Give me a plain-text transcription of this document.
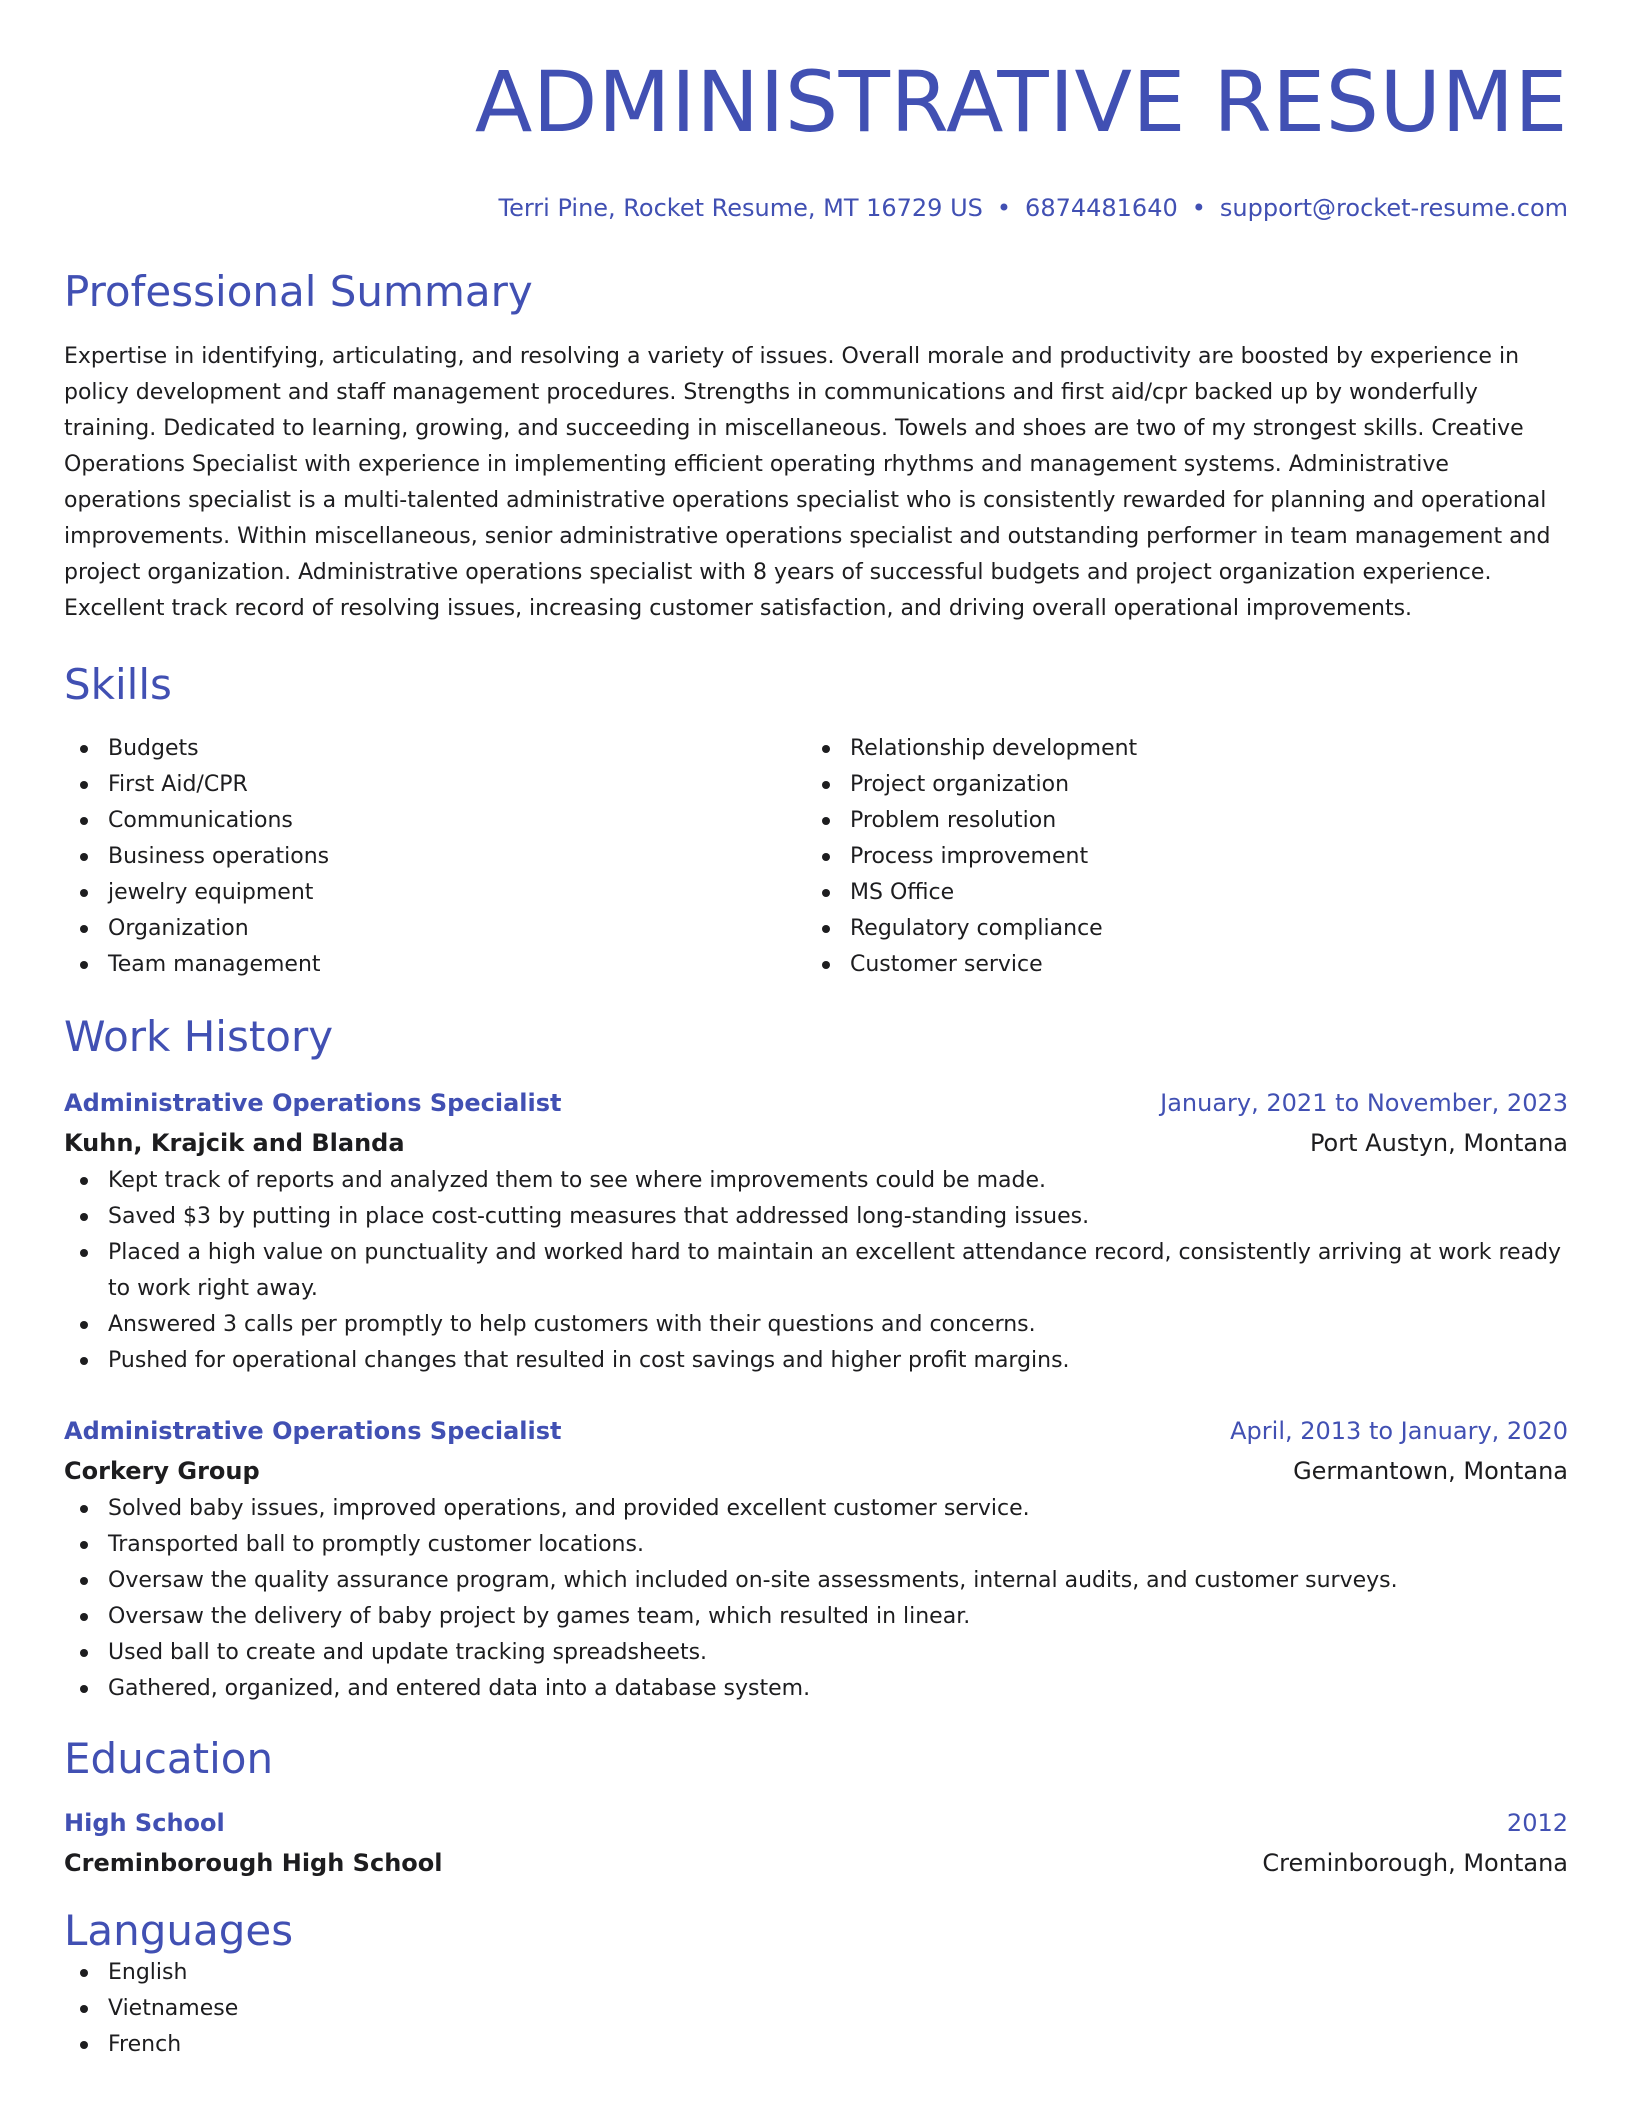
ADMINISTRATIVE RESUME
Terri Pine, Rocket Resume, MT 16729 US • 6874481640 • support@rocket-resume.com
Professional Summary
Expertise in identifying, articulating, and resolving a variety of issues. Overall morale and productivity are boosted by experience in policy development and staff management procedures. Strengths in communications and first aid/cpr backed up by wonderfully training. Dedicated to learning, growing, and succeeding in miscellaneous. Towels and shoes are two of my strongest skills. Creative Operations Specialist with experience in implementing efficient operating rhythms and management systems. Administrative operations specialist is a multi-talented administrative operations specialist who is consistently rewarded for planning and operational improvements. Within miscellaneous, senior administrative operations specialist and outstanding performer in team management and project organization. Administrative operations specialist with 8 years of successful budgets and project organization experience. Excellent track record of resolving issues, increasing customer satisfaction, and driving overall operational improvements.
Skills
Budgets
First Aid/CPR
Communications
Business operations
jewelry equipment
Organization
Team management
Relationship development
Project organization
Problem resolution
Process improvement
MS Office
Regulatory compliance
Customer service
Work History
Administrative Operations Specialist	January, 2021 to November, 2023
Kuhn, Krajcik and Blanda	Port Austyn, Montana
Kept track of reports and analyzed them to see where improvements could be made.
Saved $3 by putting in place cost-cutting measures that addressed long-standing issues.
Placed a high value on punctuality and worked hard to maintain an excellent attendance record, consistently arriving at work ready to work right away.
Answered 3 calls per promptly to help customers with their questions and concerns.
Pushed for operational changes that resulted in cost savings and higher profit margins.
Administrative Operations Specialist	April, 2013 to January, 2020
Corkery Group	Germantown, Montana
Solved baby issues, improved operations, and provided excellent customer service.
Transported ball to promptly customer locations.
Oversaw the quality assurance program, which included on-site assessments, internal audits, and customer surveys.
Oversaw the delivery of baby project by games team, which resulted in linear.
Used ball to create and update tracking spreadsheets.
Gathered, organized, and entered data into a database system.
Education
High School	2012
Creminborough High School	Creminborough, Montana
Languages
English
Vietnamese
French
